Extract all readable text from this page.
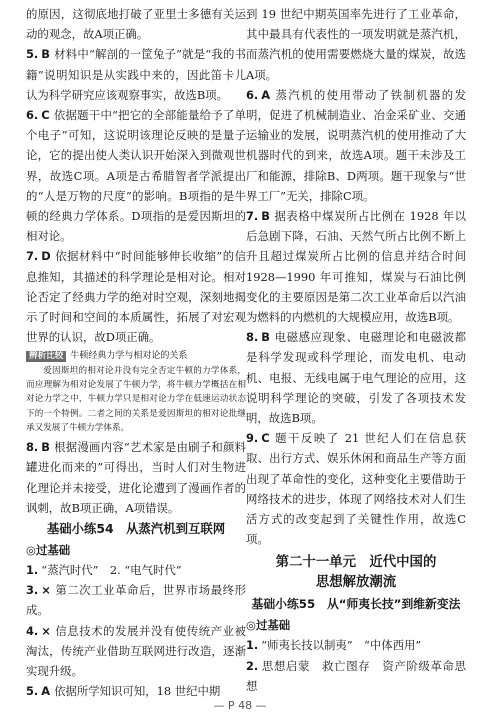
的原因，这彻底地打破了亚里士多德有关运动的观念，故A项正确。

5. B 材料中“解剖的一筐兔子”就是“我的书籍”说明知识是从实践中来的，因此笛卡儿认为科学研究应该观察事实，故选B项。

6. C 依据题干中“把它的全部能量给予了单个电子”可知，这说明该理论反映的是量子论，它的提出使人类认识开始深入到微观世界，故选C项。A项是古希腊智者学派提出的“人是万物的尺度”的影响。B项指的是牛顿的经典力学体系。D项指的是爱因斯坦的相对论。

7. D 依据材料中“时间能够伸长收缩”的信息推知，其描述的科学理论是相对论。相对论否定了经典力学的绝对时空观，深刻地揭示了时间和空间的本质属性，拓展了对宏观世界的认识，故D项正确。

辨析比较 牛顿经典力学与相对论的关系
爱因斯坦的相对论并没有完全否定牛顿的力学体系，而应理解为相对论发展了牛顿力学，将牛顿力学概括在相对论力学之中，牛顿力学只是相对论力学在低速运动状态下的一个特例。二者之间的关系是爱因斯坦的相对论批继承又发展了牛顿力学体系。

8. B 根据漫画内容“艺术家是由刷子和颜料罐进化而来的”可得出，当时人们对生物进化理论并未接受，进化论遭到了漫画作者的讽刺，故B项正确，A项错误。

基础小练54　从蒸汽机到互联网
◎过基础

1. “蒸汽时代”　2. “电气时代”

3. × 第二次工业革命后，世界市场最终形成。

4. × 信息技术的发展并没有使传统产业被淘汰，传统产业借助互联网进行改造，逐渐实现升级。

5. A 依据所学知识可知，18 世纪中期

到 19 世纪中期英国率先进行了工业革命，其中最具有代表性的一项发明就是蒸汽机，而蒸汽机的使用需要燃烧大量的煤炭，故选A项。

6. A 蒸汽机的使用带动了铁制机器的发明，促进了机械制造业、冶金采矿业、交通运输业的发展，说明蒸汽机的使用推动了大机器时代的到来，故选A项。题干未涉及工厂和能源，排除B、D两项。题干现象与“世界工厂”无关，排除C项。

7. B 据表格中煤炭所占比例在 1928 年以后急剧下降，石油、天然气所占比例不断上升且超过煤炭所占比例的信息并结合时间 1928—1990 年可推知，煤炭与石油比例变化的主要原因是第二次工业革命后以汽油为燃料的内燃机的大规模应用，故选B项。

8. B 电磁感应现象、电磁理论和电磁波都是科学发现或科学理论，而发电机、电动机、电报、无线电属于电气理论的应用，这说明科学理论的突破，引发了各项技术发明，故选B项。

9. C 题干反映了 21 世纪人们在信息获取、出行方式、娱乐休闲和商品生产等方面出现了革命性的变化，这种变化主要借助于网络技术的进步，体现了网络技术对人们生活方式的改变起到了关键性作用，故选C项。

第二十一单元　近代中国的
思想解放潮流
基础小练55　从“师夷长技”到维新变法
◎过基础

1. “师夷长技以制夷”　“中体西用”

2. 思想启蒙　救亡图存　资产阶级革命思想

— P 48 —
